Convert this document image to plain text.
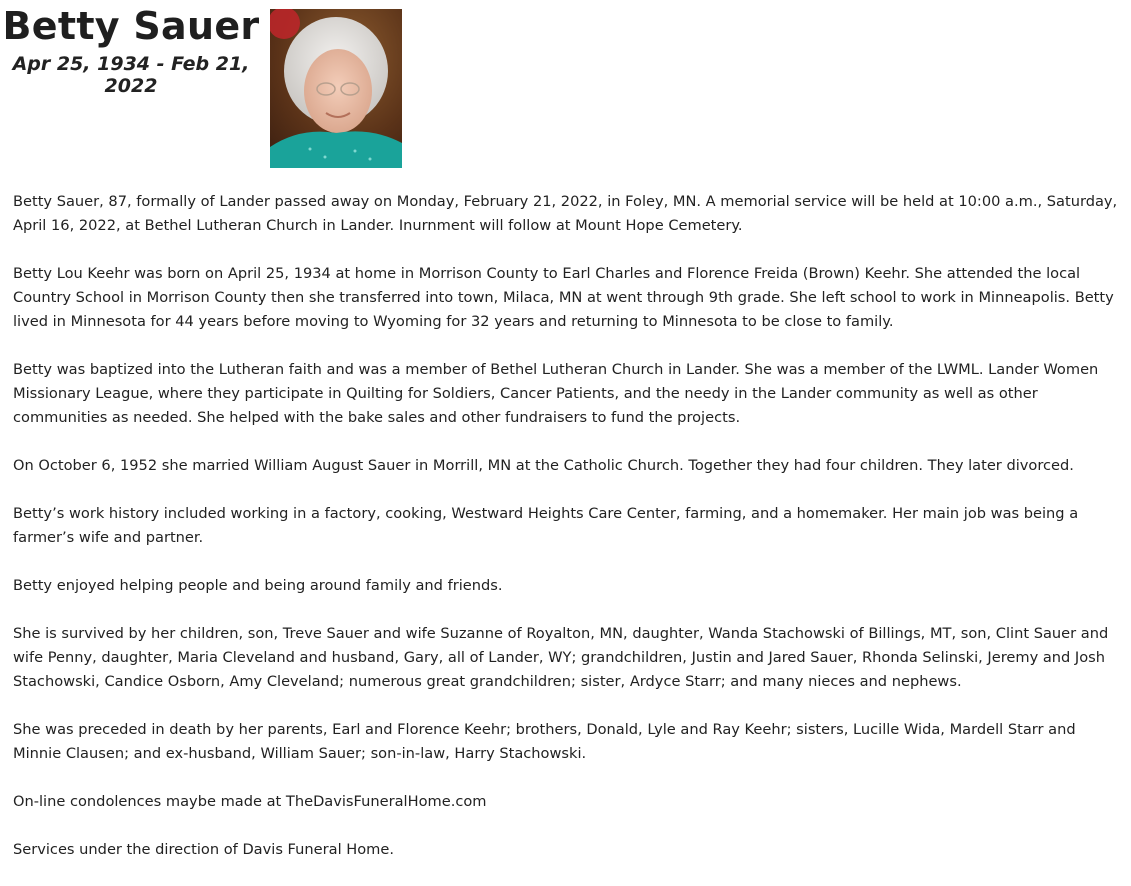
Betty Sauer
Apr 25, 1934 - Feb 21, 2022

Betty Sauer, 87, formally of Lander passed away on Monday, February 21, 2022, in Foley, MN. A memorial service will be held at 10:00 a.m., Saturday, April 16, 2022, at Bethel Lutheran Church in Lander. Inurnment will follow at Mount Hope Cemetery.

Betty Lou Keehr was born on April 25, 1934 at home in Morrison County to Earl Charles and Florence Freida (Brown) Keehr. She attended the local Country School in Morrison County then she transferred into town, Milaca, MN at went through 9th grade. She left school to work in Minneapolis. Betty lived in Minnesota for 44 years before moving to Wyoming for 32 years and returning to Minnesota to be close to family.

Betty was baptized into the Lutheran faith and was a member of Bethel Lutheran Church in Lander. She was a member of the LWML. Lander Women Missionary League, where they participate in Quilting for Soldiers, Cancer Patients, and the needy in the Lander community as well as other communities as needed. She helped with the bake sales and other fundraisers to fund the projects.

On October 6, 1952 she married William August Sauer in Morrill, MN at the Catholic Church. Together they had four children. They later divorced.

Betty’s work history included working in a factory, cooking, Westward Heights Care Center, farming, and a homemaker. Her main job was being a farmer’s wife and partner.

Betty enjoyed helping people and being around family and friends.

She is survived by her children, son, Treve Sauer and wife Suzanne of Royalton, MN, daughter, Wanda Stachowski of Billings, MT, son, Clint Sauer and wife Penny, daughter, Maria Cleveland and husband, Gary, all of Lander, WY; grandchildren, Justin and Jared Sauer, Rhonda Selinski, Jeremy and Josh Stachowski, Candice Osborn, Amy Cleveland; numerous great grandchildren; sister, Ardyce Starr; and many nieces and nephews.

She was preceded in death by her parents, Earl and Florence Keehr; brothers, Donald, Lyle and Ray Keehr; sisters, Lucille Wida, Mardell Starr and Minnie Clausen; and ex-husband, William Sauer; son-in-law, Harry Stachowski.

On-line condolences maybe made at TheDavisFuneralHome.com

Services under the direction of Davis Funeral Home.
